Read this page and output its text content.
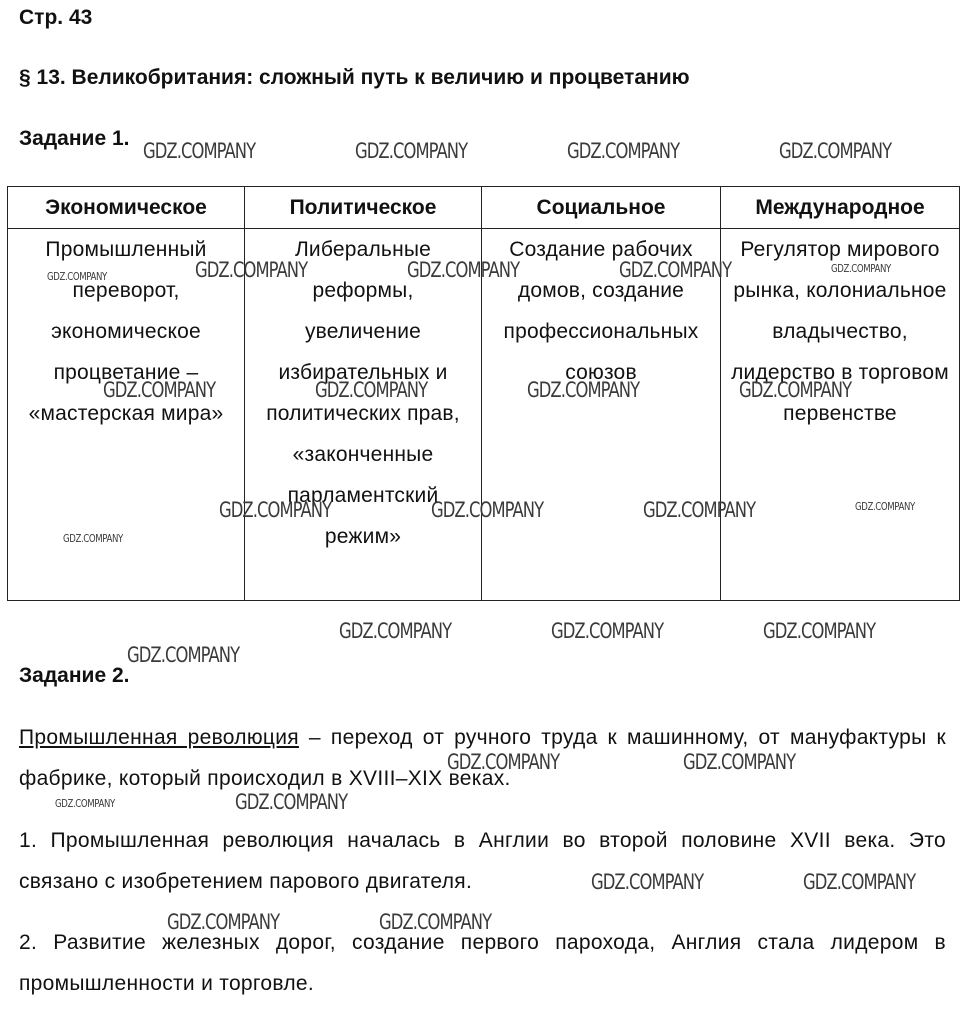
Стр. 43
§ 13. Великобритания: сложный путь к величию и процветанию
Задание 1.
Экономическое	Политическое	Социальное	Международное
Промышленный переворот, экономическое процветание – «мастерская мира»	Либеральные реформы, увеличение избирательных и политических прав, «законченные парламентский режим»	Создание рабочих домов, создание профессиональных союзов	Регулятор мирового рынка, колониальное владычество, лидерство в торговом первенстве
Задание 2.
Промышленная революция – переход от ручного труда к машинному, от мануфактуры к фабрике, который происходил в XVIII–XIX веках.
1. Промышленная революция началась в Англии во второй половине XVII века. Это связано с изобретением парового двигателя.
2. Развитие железных дорог, создание первого парохода, Англия стала лидером в промышленности и торговле.
GDZ.COMPANY	GDZ.COMPANY	GDZ.COMPANY	GDZ.COMPANY
GDZ.COMPANY	GDZ.COMPANY	GDZ.COMPANY	GDZ.COMPANY	GDZ.COMPANY
GDZ.COMPANY	GDZ.COMPANY	GDZ.COMPANY	GDZ.COMPANY
GDZ.COMPANY	GDZ.COMPANY	GDZ.COMPANY	GDZ.COMPANY
GDZ.COMPANY
GDZ.COMPANY	GDZ.COMPANY	GDZ.COMPANY
GDZ.COMPANY
GDZ.COMPANY	GDZ.COMPANY
GDZ.COMPANY	GDZ.COMPANY
GDZ.COMPANY	GDZ.COMPANY
GDZ.COMPANY	GDZ.COMPANY
